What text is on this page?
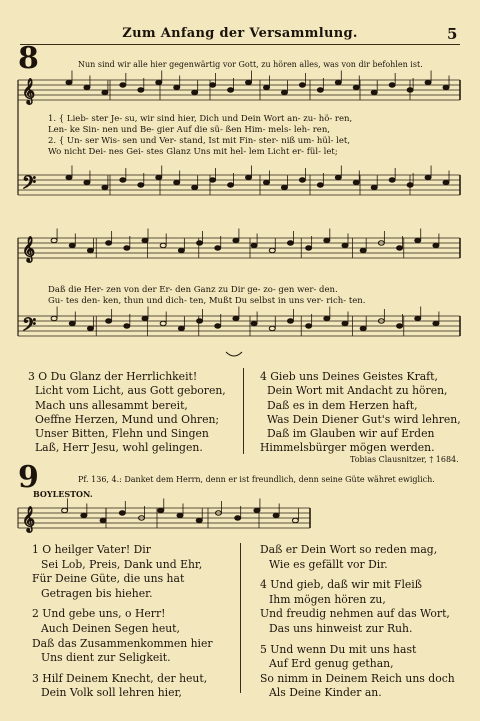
Zum Anfang der Versammlung.	5
8	Nun sind wir alle hier gegenwärtig vor Gott, zu hören alles, was von dir befohlen ist.
𝄞
𝄢
𝄞
𝄢
𝄞
1. { Lieb- ster Je- su, wir sind hier, Dich und Dein Wort an- zu- hö- ren,
Len- ke Sin- nen und Be- gier Auf die sü- ßen Him- mels- leh- ren,
2. { Un- ser Wis- sen und Ver- stand, Ist mit Fin- ster- niß um- hül- let,
Wo nicht Dei- nes Gei- stes Glanz Uns mit hel- lem Licht er- fül- let;
Daß die Her- zen von der Er- den Ganz zu Dir ge- zo- gen wer- den.
Gu- tes den- ken, thun und dich- ten, Mußt Du selbst in uns ver- rich- ten.
3 O Du Glanz der Herrlichkeit!
Licht vom Licht, aus Gott geboren,
Mach uns allesammt bereit,
Oeffne Herzen, Mund und Ohren;
Unser Bitten, Flehn und Singen
Laß, Herr Jesu, wohl gelingen.
4 Gieb uns Deines Geistes Kraft,
Dein Wort mit Andacht zu hören,
Daß es in dem Herzen haft,
Was Dein Diener Gut's wird lehren,
Daß im Glauben wir auf Erden
Himmelsbürger mögen werden.
Tobias Clausnitzer, † 1684.
9	Pf. 136, 4.: Danket dem Herrn, denn er ist freundlich, denn seine Güte währet ewiglich.
BOYLESTON.
1 O heilger Vater! Dir
Sei Lob, Preis, Dank und Ehr,
Für Deine Güte, die uns hat
Getragen bis hieher.
2 Und gebe uns, o Herr!
Auch Deinen Segen heut,
Daß das Zusammenkommen hier
Uns dient zur Seligkeit.
3 Hilf Deinem Knecht, der heut,
Dein Volk soll lehren hier,
Daß er Dein Wort so reden mag,
Wie es gefällt vor Dir.
4 Und gieb, daß wir mit Fleiß
Ihm mögen hören zu,
Und freudig nehmen auf das Wort,
Das uns hinweist zur Ruh.
5 Und wenn Du mit uns hast
Auf Erd genug gethan,
So nimm in Deinem Reich uns doch
Als Deine Kinder an.
